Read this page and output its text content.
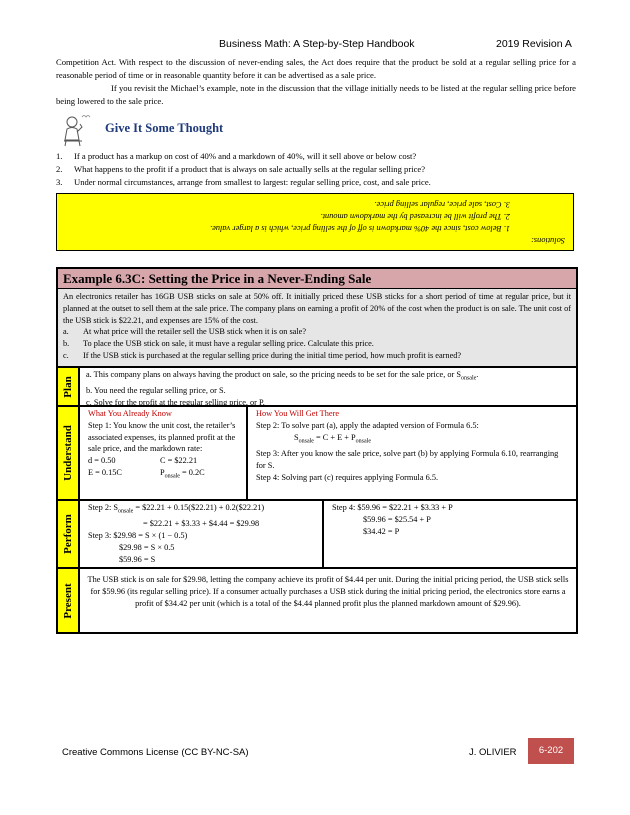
Business Math: A Step-by-Step Handbook	2019 Revision A
Competition Act. With respect to the discussion of never-ending sales, the Act does require that the product be sold at a regular selling price for a reasonable period of time or in reasonable quantity before it can be advertised as a sale price.
If you revisit the Michael’s example, note in the discussion that the village initially needs to be listed at the regular selling price before being lowered to the sale price.
Give It Some Thought
1.	If a product has a markup on cost of 40% and a markdown of 40%, will it sell above or below cost?
2.	What happens to the profit if a product that is always on sale actually sells at the regular selling price?
3.	Under normal circumstances, arrange from smallest to largest: regular selling price, cost, and sale price.
Solutions:
1. Below cost, since the 40% markdown is off of the selling price, which is a larger value.
2. The profit will be increased by the markdown amount.
3. Cost, sale price, regular selling price.
Example 6.3C: Setting the Price in a Never-Ending Sale
An electronics retailer has 16GB USB sticks on sale at 50% off. It initially priced these USB sticks for a short period of time at regular price, but it planned at the outset to sell them at the sale price. The company plans on earning a profit of 20% of the cost when the product is on sale. The unit cost of the USB stick is $22.21, and expenses are 15% of the cost.
a.	At what price will the retailer sell the USB stick when it is on sale?
b.	To place the USB stick on sale, it must have a regular selling price. Calculate this price.
c.	If the USB stick is purchased at the regular selling price during the initial time period, how much profit is earned?
Plan
a. This company plans on always having the product on sale, so the pricing needs to be set for the sale price, or $S_{onsale}$.
b. You need the regular selling price, or S.
c. Solve for the profit at the regular selling price, or P.
Understand
What You Already Know
Step 1: You know the unit cost, the retailer’s associated expenses, its planned profit at the sale price, and the markdown rate:
d = 0.50	C = $22.21
E = 0.15C	$P_{onsale} = 0.2C$
How You Will Get There
Step 2: To solve part (a), apply the adapted version of Formula 6.5:
$S_{onsale} = C + E + P_{onsale}$
Step 3: After you know the sale price, solve part (b) by applying Formula 6.10, rearranging for S.
Step 4: Solving part (c) requires applying Formula 6.5.
Perform
Step 2: $S_{onsale}$ = $22.21 + 0.15($22.21) + 0.2($22.21)
= $22.21 + $3.33 + $4.44 = $29.98
Step 3: $29.98 = S × (1 − 0.5)
$29.98 = S × 0.5
$59.96 = S
Step 4: $59.96 = $22.21 + $3.33 + P
$59.96 = $25.54 + P
$34.42 = P
Present
The USB stick is on sale for $29.98, letting the company achieve its profit of $4.44 per unit. During the initial pricing period, the USB stick sells for $59.96 (its regular selling price). If a consumer actually purchases a USB stick during the initial pricing period, the electronics store earns a profit of $34.42 per unit (which is a total of the $4.44 planned profit plus the planned markdown amount of $29.96).
Creative Commons License (CC BY-NC-SA)	J. OLIVIER	6-202
